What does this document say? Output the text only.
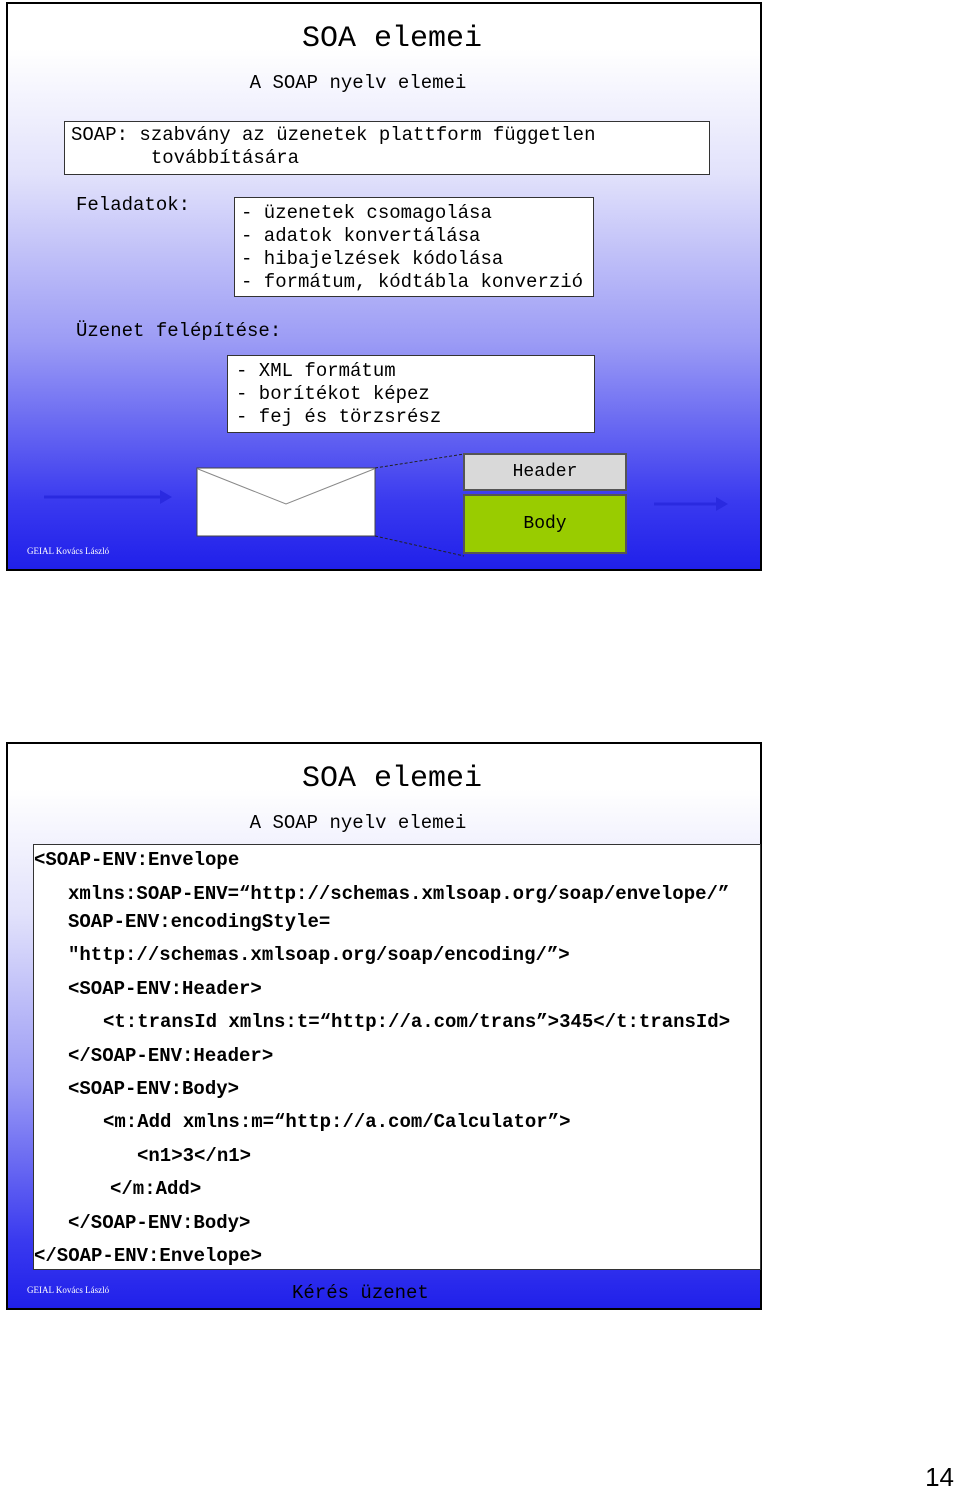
SOA elemei
A SOAP nyelv elemei
SOAP: szabvány az üzenetek plattform független
továbbítására
Feladatok:	- üzenetek csomagolása
- adatok konvertálása
- hibajelzések kódolása
- formátum, kódtábla konverzió
Üzenet felépítése:
- XML formátum
- borítékot képez
- fej és törzsrész
Header
Body
GEIAL Kovács László
SOA elemei
A SOAP nyelv elemei
<SOAP-ENV:Envelope
xmlns:SOAP-ENV=“http://schemas.xmlsoap.org/soap/envelope/”
SOAP-ENV:encodingStyle=
"http://schemas.xmlsoap.org/soap/encoding/”>
<SOAP-ENV:Header>
<t:transId xmlns:t=“http://a.com/trans”>345</t:transId>
</SOAP-ENV:Header>
<SOAP-ENV:Body>
<m:Add xmlns:m=“http://a.com/Calculator”>
<n1>3</n1>
</m:Add>
</SOAP-ENV:Body>
</SOAP-ENV:Envelope>
Kérés üzenet
GEIAL Kovács László
14
